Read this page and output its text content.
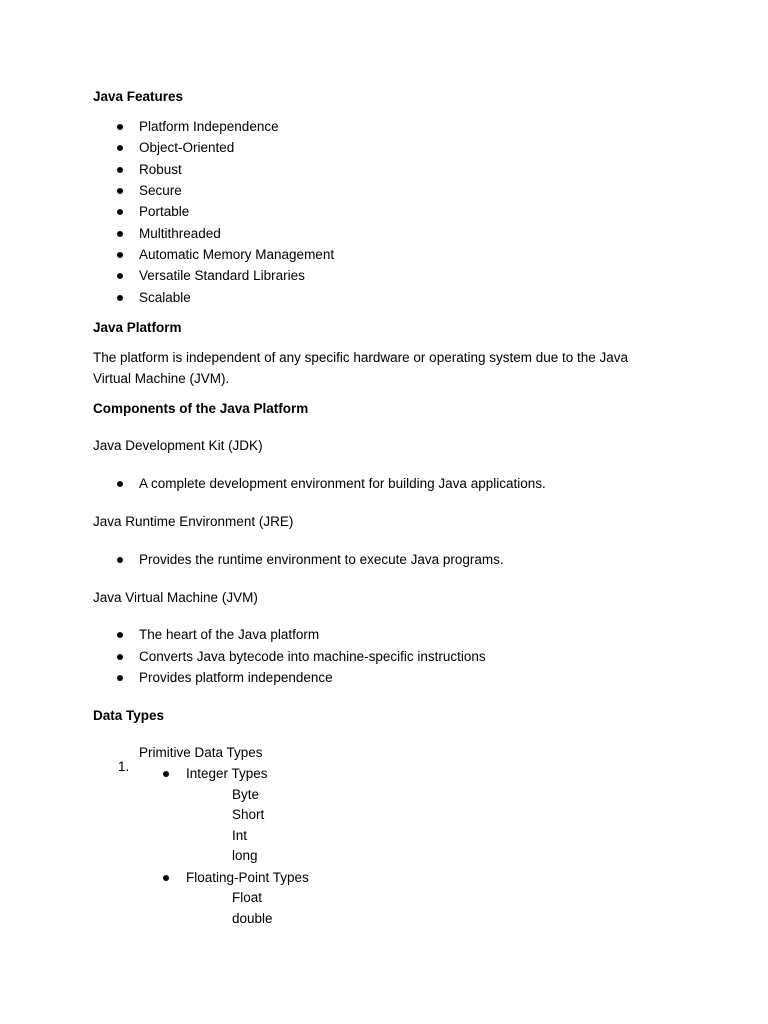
Java Features

Platform Independence

Object-Oriented

Robust

Secure

Portable

Multithreaded

Automatic Memory Management

Versatile Standard Libraries

Scalable

Java Platform

The platform is independent of any specific hardware or operating system due to the Java

Virtual Machine (JVM).

Components of the Java Platform

Java Development Kit (JDK)

A complete development environment for building Java applications.

Java Runtime Environment (JRE)

Provides the runtime environment to execute Java programs.

Java Virtual Machine (JVM)

The heart of the Java platform

Converts Java bytecode into machine-specific instructions

Provides platform independence

Data Types

1.

Primitive Data Types

Integer Types

Byte

Short

Int

long

Floating-Point Types

Float

double
